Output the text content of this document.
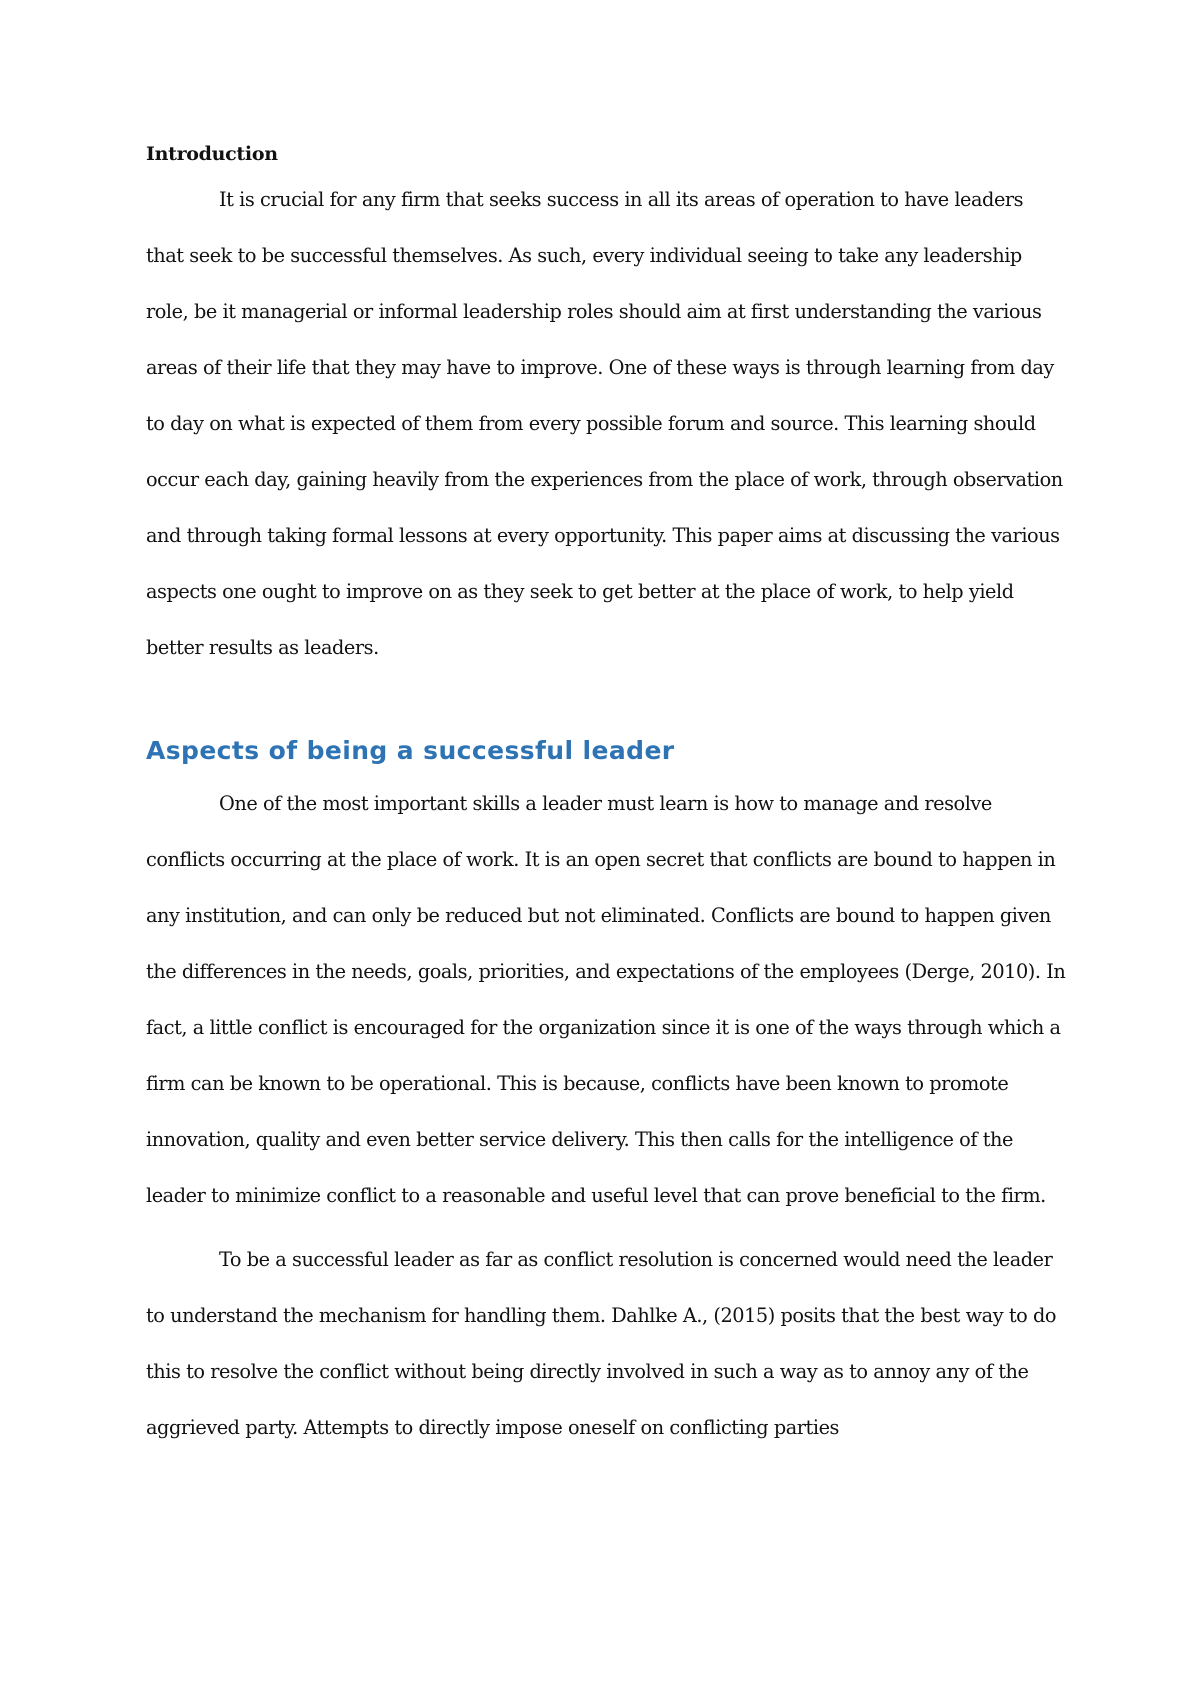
Introduction

It is crucial for any firm that seeks success in all its areas of operation to have leaders that seek to be successful themselves. As such, every individual seeing to take any leadership role, be it managerial or informal leadership roles should aim at first understanding the various areas of their life that they may have to improve. One of these ways is through learning from day to day on what is expected of them from every possible forum and source. This learning should occur each day, gaining heavily from the experiences from the place of work, through observation and through taking formal lessons at every opportunity. This paper aims at discussing the various aspects one ought to improve on as they seek to get better at the place of work, to help yield better results as leaders.

Aspects of being a successful leader

One of the most important skills a leader must learn is how to manage and resolve conflicts occurring at the place of work. It is an open secret that conflicts are bound to happen in any institution, and can only be reduced but not eliminated. Conflicts are bound to happen given the differences in the needs, goals, priorities, and expectations of the employees (Derge, 2010). In fact, a little conflict is encouraged for the organization since it is one of the ways through which a firm can be known to be operational. This is because, conflicts have been known to promote innovation, quality and even better service delivery. This then calls for the intelligence of the leader to minimize conflict to a reasonable and useful level that can prove beneficial to the firm.

To be a successful leader as far as conflict resolution is concerned would need the leader to understand the mechanism for handling them. Dahlke A., (2015) posits that the best way to do this to resolve the conflict without being directly involved in such a way as to annoy any of the aggrieved party. Attempts to directly impose oneself on conflicting parties
